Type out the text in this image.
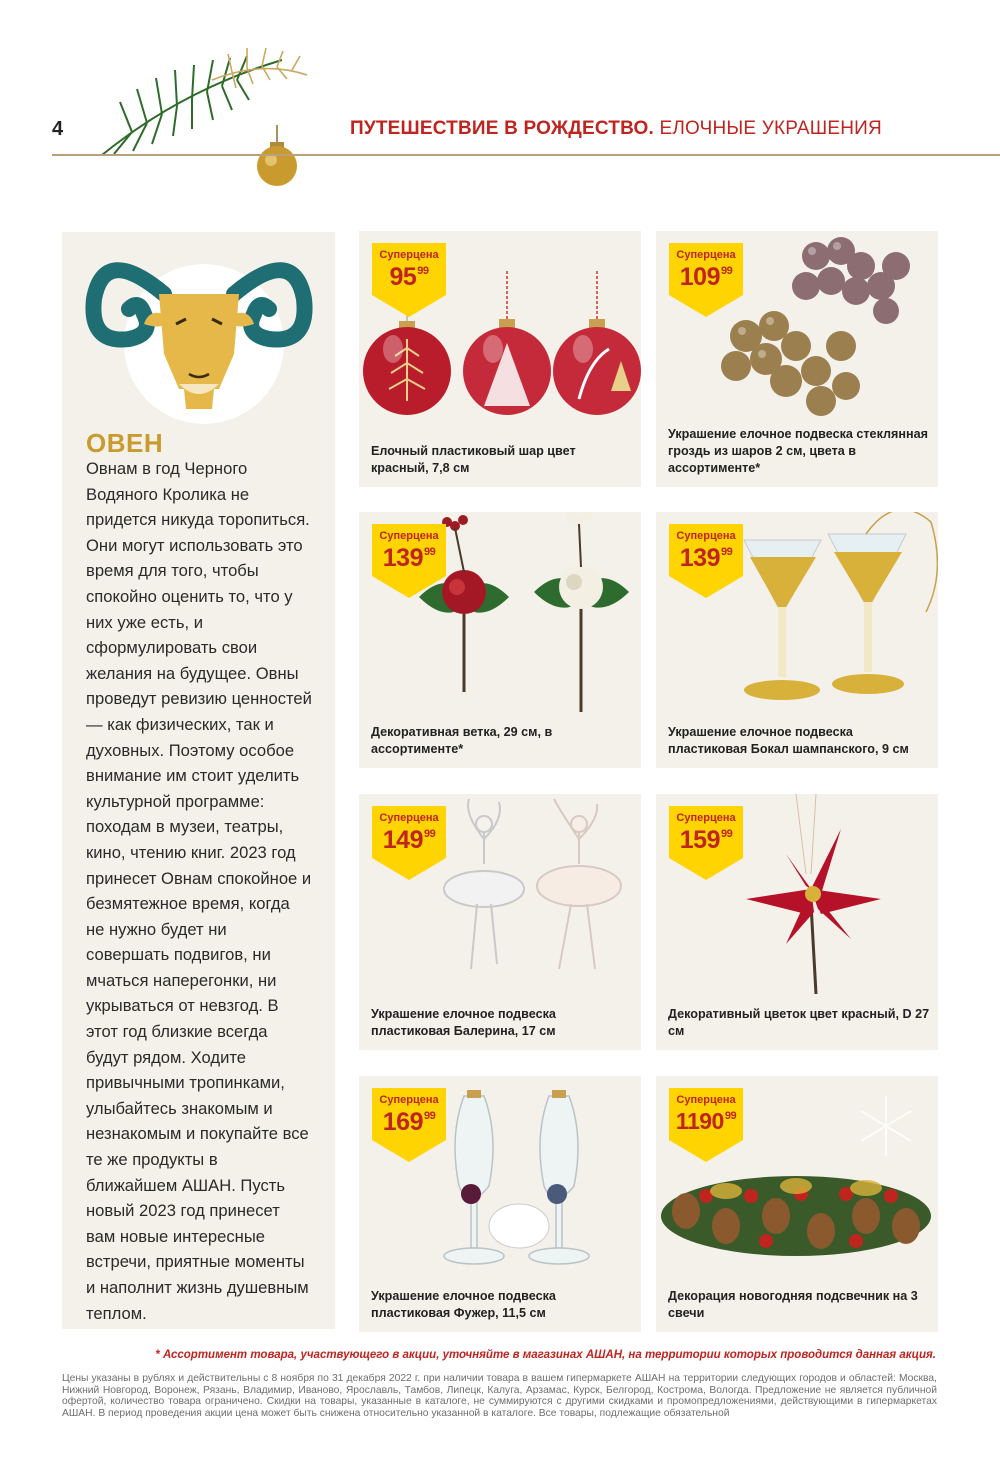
4	ПУТЕШЕСТВИЕ В РОЖДЕСТВО. ЕЛОЧНЫЕ УКРАШЕНИЯ
ОВЕН

Овнам в год Черного Водяного Кролика не придется никуда торопиться. Они могут использовать это время для того, чтобы спокойно оценить то, что у них уже есть, и сформулировать свои желания на будущее. Овны проведут ревизию ценностей — как физических, так и духовных. Поэтому особое внимание им стоит уделить культурной программе: походам в музеи, театры, кино, чтению книг. 2023 год принесет Овнам спокойное и безмятежное время, когда не нужно будет ни совершать подвигов, ни мчаться наперегонки, ни укрываться от невзгод. В этот год близкие всегда будут рядом. Ходите привычными тропинками, улыбайтесь знакомым и незнакомым и покупайте все те же продукты в ближайшем АШАН. Пусть новый 2023 год принесет вам новые интересные встречи, приятные моменты и наполнит жизнь душевным теплом.

Суперцена
$95^{99}$
Елочный пластиковый шар цвет красный, 7,8 см
Суперцена
$109^{99}$
Украшение елочное подвеска стеклянная гроздь из шаров 2 см, цвета в ассортименте*
Суперцена
$139^{99}$
Декоративная ветка, 29 см, в ассортименте*
Суперцена
$139^{99}$
Украшение елочное подвеска пластиковая Бокал шампанского, 9 см
Суперцена
$149^{99}$
Украшение елочное подвеска пластиковая Балерина, 17 см
Суперцена
$159^{99}$
Декоративный цветок цвет красный, D 27 см
Суперцена
$169^{99}$
Украшение елочное подвеска пластиковая Фужер, 11,5 см
Суперцена
1190$^{99}$
Декорация новогодняя подсвечник на 3 свечи
* Ассортимент товара, участвующего в акции, уточняйте в магазинах АШАН, на территории которых проводится данная акция.
Цены указаны в рублях и действительны с 8 ноября по 31 декабря 2022 г. при наличии товара в вашем гипермаркете АШАН на территории следующих городов и областей: Москва, Нижний Новгород, Воронеж, Рязань, Владимир, Иваново, Ярославль, Тамбов, Липецк, Калуга, Арзамас, Курск, Белгород, Кострома, Вологда. Предложение не является публичной офертой, количество товара ограничено. Скидки на товары, указанные в каталоге, не суммируются с другими скидками и промопредложениями, действующими в гипермаркетах АШАН. В период проведения акции цена может быть снижена относительно указанной в каталоге. Все товары, подлежащие обязательной
